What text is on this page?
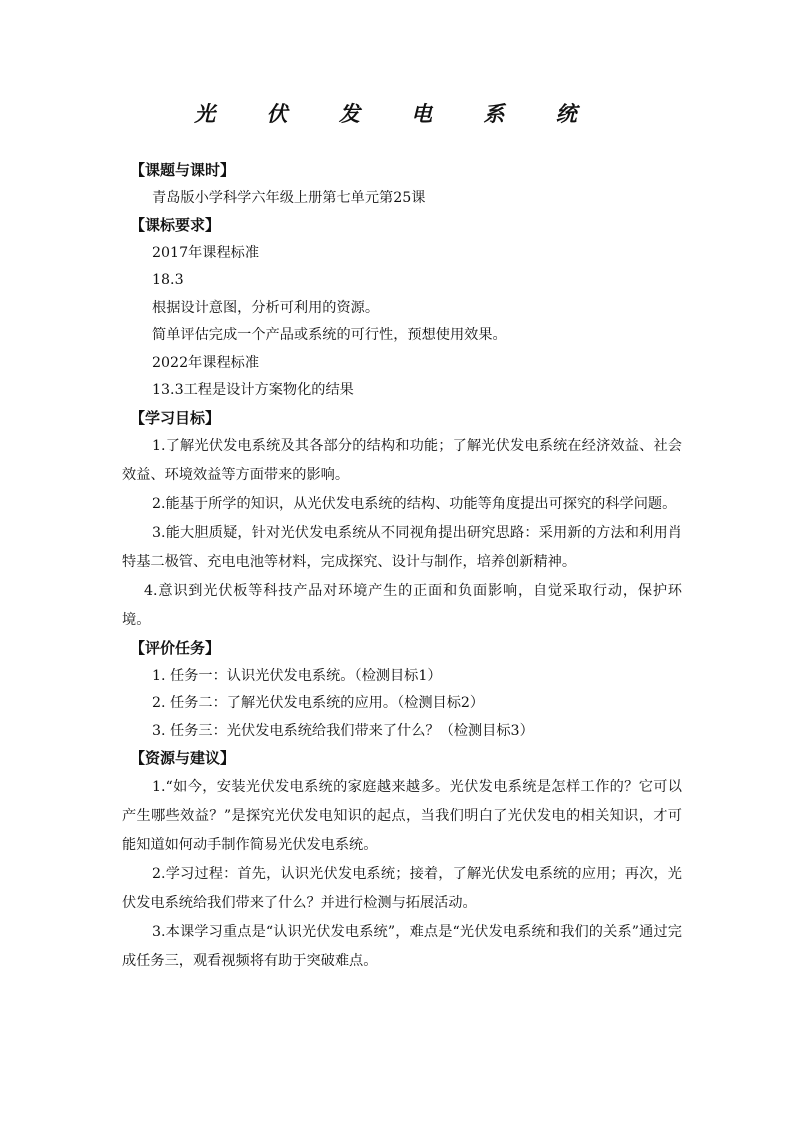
光 伏 发 电 系 统
【课题与课时】
青岛版小学科学六年级上册第七单元第25课
【课标要求】
2017年课程标准
18.3
根据设计意图，分析可利用的资源。
简单评估完成一个产品或系统的可行性，预想使用效果。
2022年课程标准
13.3工程是设计方案物化的结果
【学习目标】
1.了解光伏发电系统及其各部分的结构和功能；了解光伏发电系统在经济效益、社会效益、环境效益等方面带来的影响。
2.能基于所学的知识，从光伏发电系统的结构、功能等角度提出可探究的科学问题。
3.能大胆质疑，针对光伏发电系统从不同视角提出研究思路：采用新的方法和利用肖特基二极管、充电电池等材料，完成探究、设计与制作，培养创新精神。
4.意识到光伏板等科技产品对环境产生的正面和负面影响，自觉采取行动，保护环境。
【评价任务】
1. 任务一：认识光伏发电系统。（检测目标1）
2. 任务二：了解光伏发电系统的应用。（检测目标2）
3. 任务三：光伏发电系统给我们带来了什么？（检测目标3）
【资源与建议】
1.“如今，安装光伏发电系统的家庭越来越多。光伏发电系统是怎样工作的？它可以产生哪些效益？”是探究光伏发电知识的起点，当我们明白了光伏发电的相关知识，才可能知道如何动手制作简易光伏发电系统。
2.学习过程：首先，认识光伏发电系统；接着，了解光伏发电系统的应用；再次，光伏发电系统给我们带来了什么？并进行检测与拓展活动。
3.本课学习重点是“认识光伏发电系统”，难点是“光伏发电系统和我们的关系”通过完成任务三，观看视频将有助于突破难点。
